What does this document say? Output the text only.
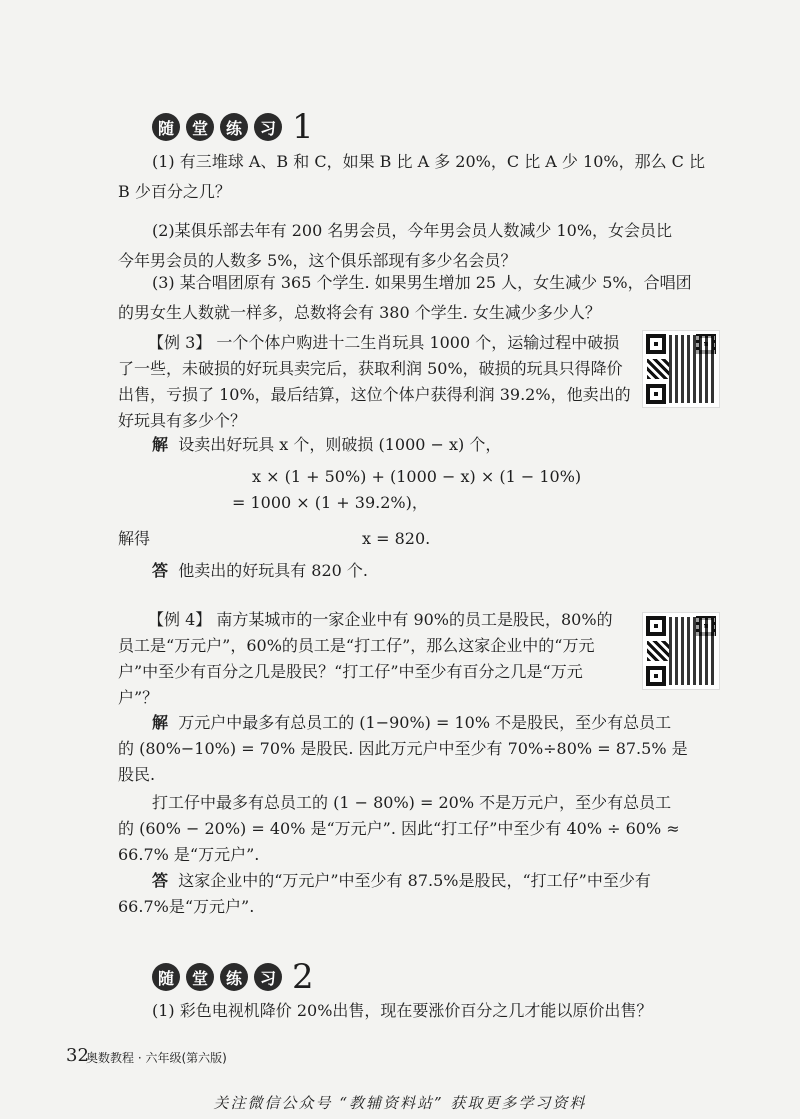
随	堂	练	习 1

(1) 有三堆球 A、B 和 C，如果 B 比 A 多 20%，C 比 A 少 10%，那么 C 比

B 少百分之几？

(2)某俱乐部去年有 200 名男会员，今年男会员人数减少 10%，女会员比

今年男会员的人数多 5%，这个俱乐部现有多少名会员？

(3) 某合唱团原有 365 个学生. 如果男生增加 25 人，女生减少 5%，合唱团

的男女生人数就一样多，总数将会有 380 个学生. 女生减少多少人？

【例 3】 一个个体户购进十二生肖玩具 1000 个，运输过程中破损

了一些，未破损的好玩具卖完后，获取利润 50%，破损的玩具只得降价

出售，亏损了 10%，最后结算，这位个体户获得利润 39.2%，他卖出的

好玩具有多少个？

解 设卖出好玩具 x 个，则破损 (1000 − x) 个，

x × (1 + 50%) + (1000 − x) × (1 − 10%)

= 1000 × (1 + 39.2%)，

解得	x = 820.

答 他卖出的好玩具有 820 个.

【例 4】 南方某城市的一家企业中有 90%的员工是股民，80%的

员工是“万元户”，60%的员工是“打工仔”，那么这家企业中的“万元

户”中至少有百分之几是股民？“打工仔”中至少有百分之几是“万元

户”？

解 万元户中最多有总员工的 (1−90%) = 10% 不是股民，至少有总员工

的 (80%−10%) = 70% 是股民. 因此万元户中至少有 70%÷80% = 87.5% 是

股民.

打工仔中最多有总员工的 (1 − 80%) = 20% 不是万元户，至少有总员工

的 (60% − 20%) = 40% 是“万元户”. 因此“打工仔”中至少有 40% ÷ 60% ≈

66.7% 是“万元户”.

答 这家企业中的“万元户”中至少有 87.5%是股民，“打工仔”中至少有

66.7%是“万元户”.

随	堂	练	习 2

(1) 彩色电视机降价 20%出售，现在要涨价百分之几才能以原价出售？

32
奥数教程 · 六年级(第六版)
关注微信公众号 “教辅资料站” 获取更多学习资料
